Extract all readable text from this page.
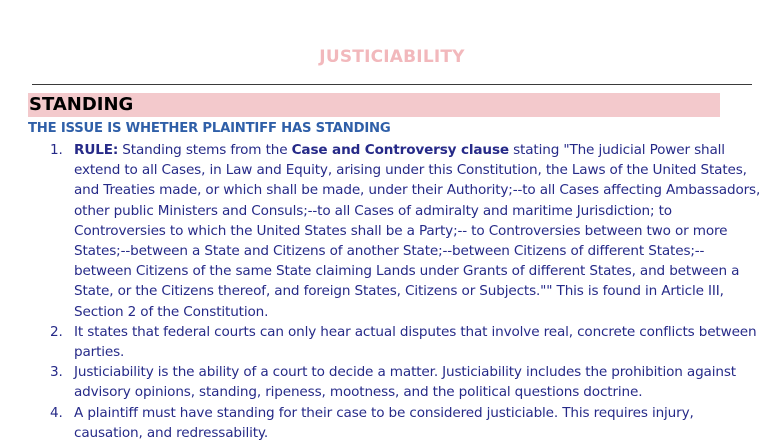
JUSTICIABILITY
STANDING
THE ISSUE IS WHETHER PLAINTIFF HAS STANDING
1. RULE: Standing stems from the Case and Controversy clause stating "The judicial Power shall extend to all Cases, in Law and Equity, arising under this Constitution, the Laws of the United States, and Treaties made, or which shall be made, under their Authority;--to all Cases affecting Ambassadors, other public Ministers and Consuls;--to all Cases of admiralty and maritime Jurisdiction; to Controversies to which the United States shall be a Party;-- to Controversies between two or more States;--between a State and Citizens of another State;--between Citizens of different States;--between Citizens of the same State claiming Lands under Grants of different States, and between a State, or the Citizens thereof, and foreign States, Citizens or Subjects."" This is found in Article III, Section 2 of the Constitution.
2. It states that federal courts can only hear actual disputes that involve real, concrete conflicts between parties.
3. Justiciability is the ability of a court to decide a matter. Justiciability includes the prohibition against advisory opinions, standing, ripeness, mootness, and the political questions doctrine.
4. A plaintiff must have standing for their case to be considered justiciable. This requires injury, causation, and redressability.
